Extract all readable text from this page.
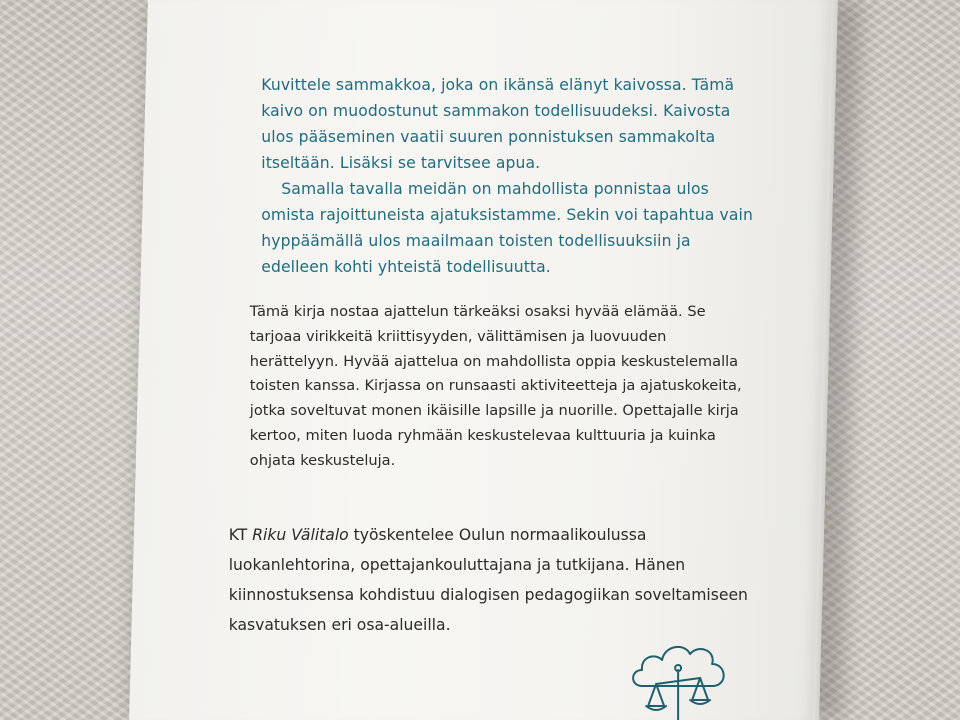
Kuvittele sammakkoa, joka on ikänsä elänyt kaivossa. Tämä kaivo on muodostunut sammakon todellisuudeksi. Kaivosta ulos pääseminen vaatii suuren ponnistuksen sammakolta itseltään. Lisäksi se tarvitsee apua.

Samalla tavalla meidän on mahdollista ponnistaa ulos omista rajoittuneista ajatuksistamme. Sekin voi tapahtua vain hyppäämällä ulos maailmaan toisten todellisuuksiin ja edelleen kohti yhteistä todellisuutta.

Tämä kirja nostaa ajattelun tärkeäksi osaksi hyvää elämää. Se tarjoaa virikkeitä kriittisyyden, välittämisen ja luovuuden herättelyyn. Hyvää ajattelua on mahdollista oppia keskustelemalla toisten kanssa. Kirjassa on runsaasti aktiviteetteja ja ajatuskokeita, jotka soveltuvat monen ikäisille lapsille ja nuorille. Opettajalle kirja kertoo, miten luoda ryhmään keskustelevaa kulttuuria ja kuinka ohjata keskusteluja.

KT Riku Välitalo työskentelee Oulun normaalikoulussa luokanlehtorina, opettajankouluttajana ja tutkijana. Hänen kiinnostuksensa kohdistuu dialogisen pedagogiikan soveltamiseen kasvatuksen eri osa-alueilla.
